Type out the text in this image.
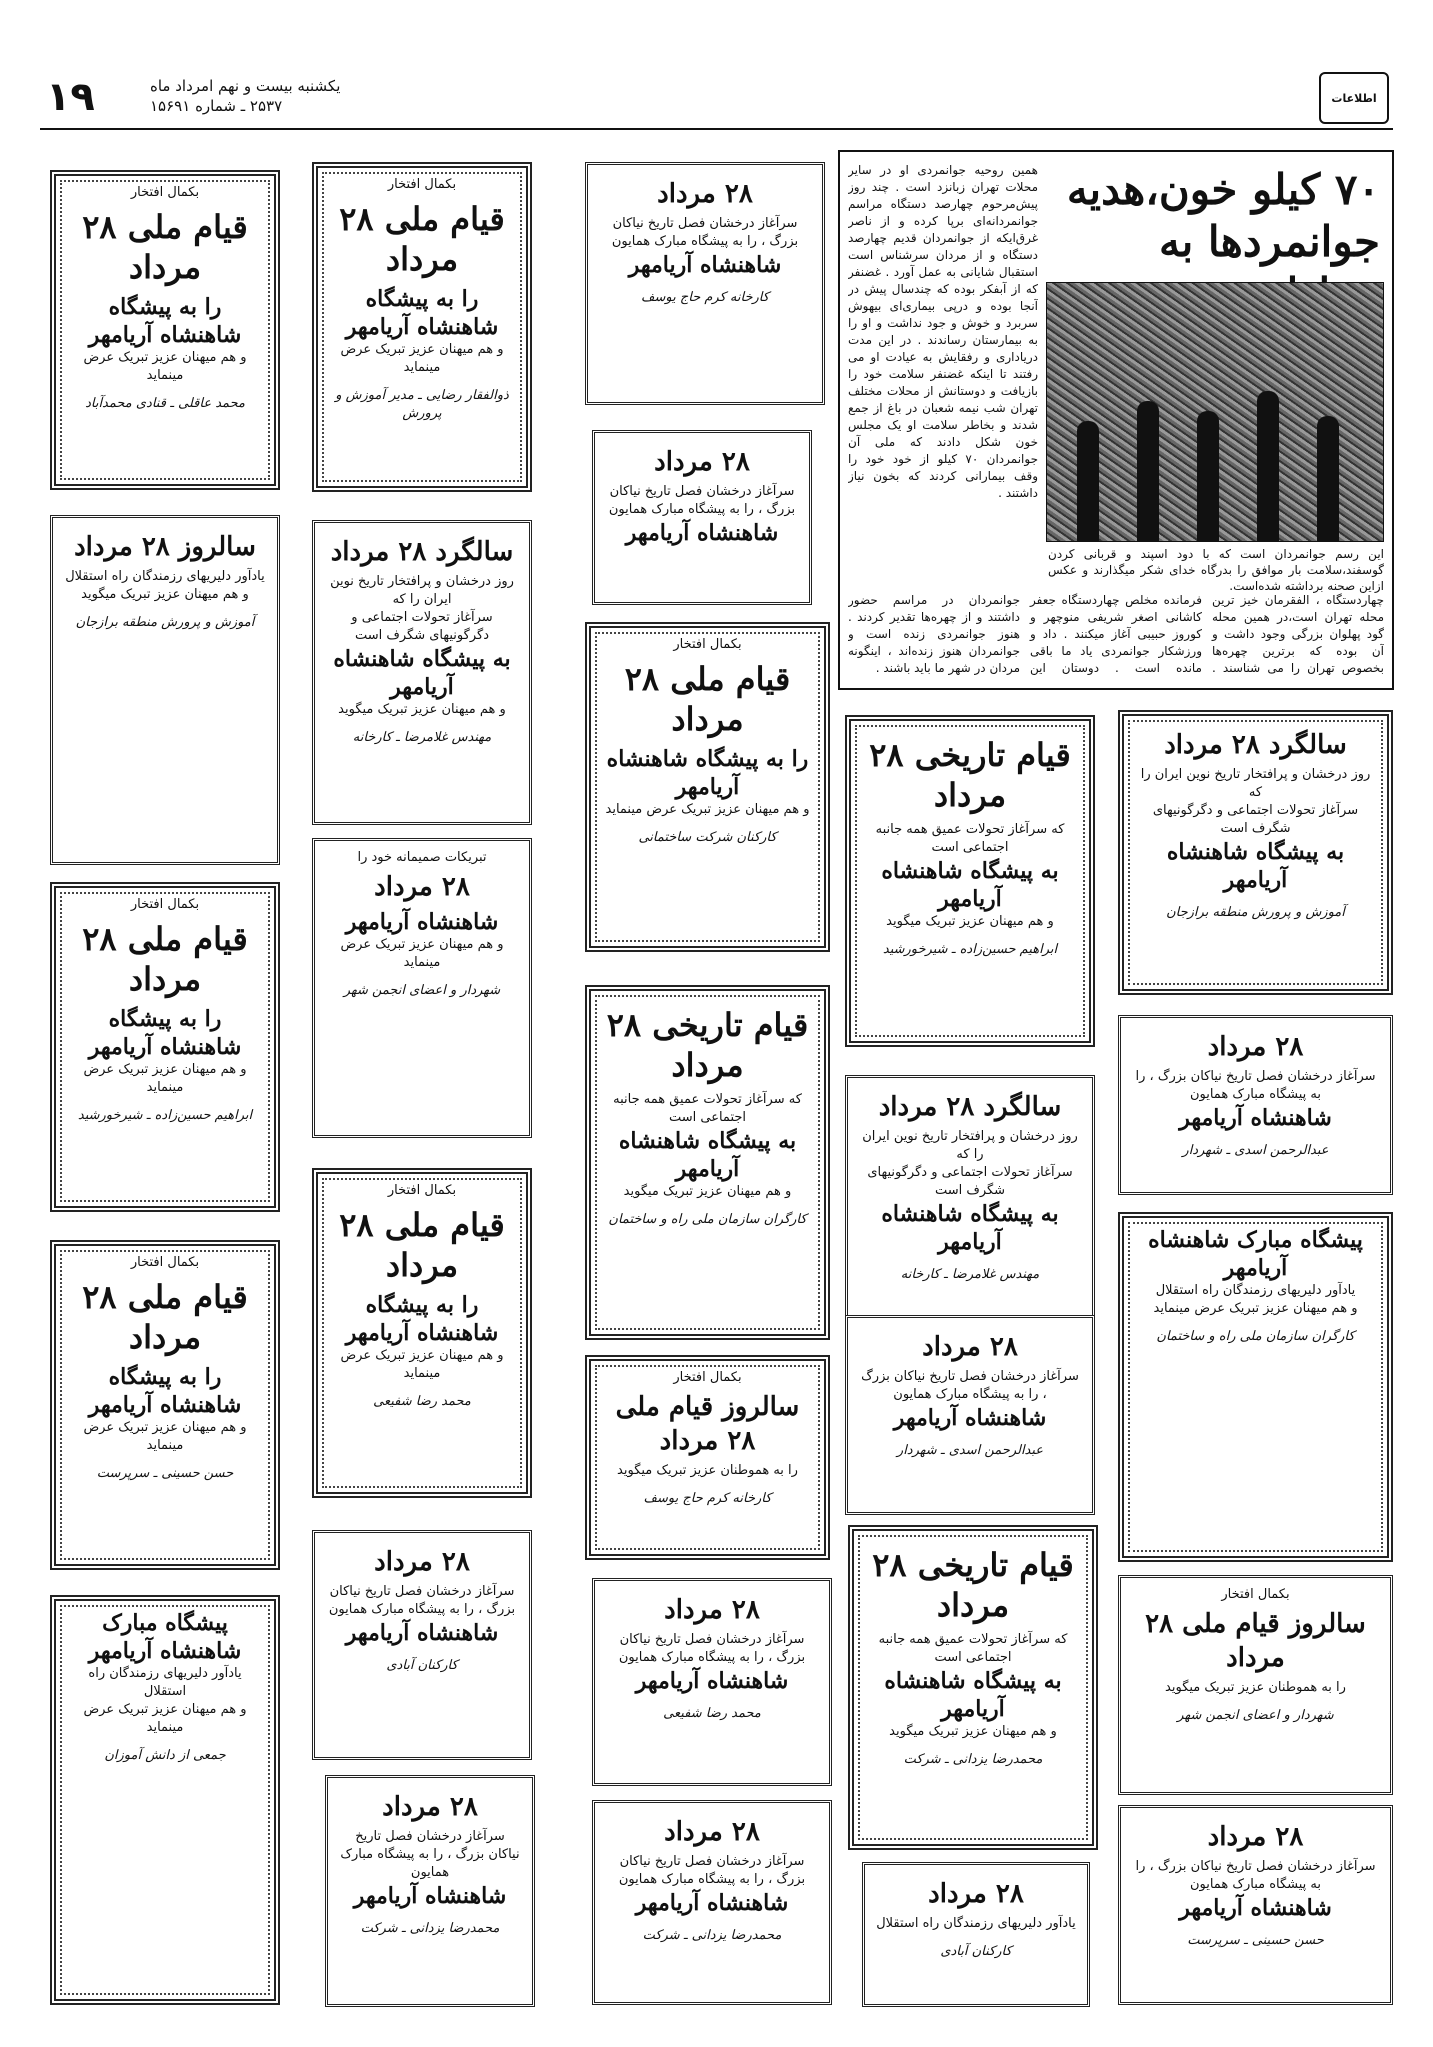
۱۹	یکشنبه بیست و نهم امرداد ماه
۲۵۳۷ ـ شماره ۱۵۶۹۱	اطلاعات
۷۰ کیلو خون،هدیه جوانمردها به
این رسم جوانمردان است که با دود اسپند و قربانی کردن گوسفند،سلامت بار موافق را بدرگاه خدای شکر میگذارند و عکس ازاین صحنه برداشته شده‌است.
همین روحیه جوانمردی او در سایر محلات تهران زبانزد است . چند روز پیش‌مرحوم چهارصد دستگاه مراسم جوانمردانه‌ای برپا کرده و از ناصر غرق‌ایکه از جوانمردان قدیم چهارصد دستگاه و از مردان سرشناس است استقبال شایانی به عمل آورد . غضنفر که از آبفکر بوده که چندسال پیش در آنجا بوده و درپی بیماری‌ای بیهوش سربرد و خوش و جود نداشت و او را به بیمارستان رساندند . در این مدت دریاداری و رفقایش به عیادت او می رفتند تا اینکه غضنفر سلامت خود را بازیافت و دوستانش از محلات مختلف تهران شب نیمه شعبان در باغ از جمع شدند و بخاطر سلامت او یک مجلس خون شکل دادند که ملی آن جوانمردان ۷۰ کیلو از خود خود را وقف بیمارانی کردند که بخون نیاز داشتند .
چهاردستگاه ، الفقرمان خیز ترین محله تهران است،در همین محله گود پهلوان بزرگی وجود داشت و آن بوده که برترین چهره‌ها بخصوص تهران را می شناسند . فرمانده مخلص چهاردستگاه جعفر کاشانی اصغر شریفی منوچهر و کوروز حبیبی آغاز میکنند . داد و ورزشکار جوانمردی یاد ما باقی مانده است . دوستان این جوانمردان در مراسم حضور داشتند و از چهره‌ها تقدیر کردند . هنوز جوانمردی زنده است و جوانمردان هنوز زنده‌اند ، اینگونه مردان در شهر ما باید باشند .
بکمال افتخار
قیام ملی ۲۸ مرداد
را به پیشگاه شاهنشاه آریامهر
و هم میهنان عزیز تبریک عرض مینماید
محمد عاقلی ـ قنادی محمدآباد
سالروز ۲۸ مرداد
یادآور دلیریهای رزمندگان راه استقلال
و هم میهنان عزیز تبریک میگوید
آموزش و پرورش منطقه برازجان
بکمال افتخار
قیام ملی ۲۸ مرداد
را به پیشگاه شاهنشاه آریامهر
و هم میهنان عزیز تبریک عرض مینماید
ابراهیم حسین‌زاده ـ شیرخورشید
بکمال افتخار
قیام ملی ۲۸ مرداد
را به پیشگاه شاهنشاه آریامهر
و هم میهنان عزیز تبریک عرض مینماید
حسن حسینی ـ سرپرست
پیشگاه مبارک شاهنشاه آریامهر
یادآور دلیریهای رزمندگان راه استقلال
و هم میهنان عزیز تبریک عرض مینماید
جمعی از دانش آموزان
بکمال افتخار
قیام ملی ۲۸ مرداد
را به پیشگاه شاهنشاه آریامهر
و هم میهنان عزیز تبریک عرض مینماید
ذوالفقار رضایی ـ مدیر آموزش و پرورش
سالگرد ۲۸ مرداد
روز درخشان و پرافتخار تاریخ نوین ایران را که
سرآغاز تحولات اجتماعی و دگرگونیهای شگرف است
به پیشگاه شاهنشاه آریامهر
و هم میهنان عزیز تبریک میگوید
مهندس غلامرضا ـ کارخانه
تبریکات صمیمانه خود را
۲۸ مرداد
شاهنشاه آریامهر
و هم میهنان عزیز تبریک عرض مینماید
شهردار و اعضای انجمن شهر
بکمال افتخار
قیام ملی ۲۸ مرداد
را به پیشگاه شاهنشاه آریامهر
و هم میهنان عزیز تبریک عرض مینماید
محمد رضا شفیعی
۲۸ مرداد
سرآغاز درخشان فصل تاریخ نیاکان بزرگ ، را به پیشگاه مبارک همایون
شاهنشاه آریامهر
کارکنان آبادی
۲۸ مرداد
سرآغاز درخشان فصل تاریخ نیاکان بزرگ ، را به پیشگاه مبارک همایون
شاهنشاه آریامهر
محمدرضا یزدانی ـ شرکت
۲۸ مرداد
سرآغاز درخشان فصل تاریخ نیاکان بزرگ ، را به پیشگاه مبارک همایون
شاهنشاه آریامهر
کارخانه کرم حاج یوسف
۲۸ مرداد
سرآغاز درخشان فصل تاریخ نیاکان بزرگ ، را به پیشگاه مبارک همایون
شاهنشاه آریامهر
بکمال افتخار
قیام ملی ۲۸ مرداد
را به پیشگاه شاهنشاه آریامهر
و هم میهنان عزیز تبریک عرض مینماید
کارکنان شرکت ساختمانی
قیام تاریخی ۲۸ مرداد
که سرآغاز تحولات عمیق همه جانبه اجتماعی است
به پیشگاه شاهنشاه آریامهر
و هم میهنان عزیز تبریک میگوید
کارگران سازمان ملی راه و ساختمان
بکمال افتخار
سالروز قیام ملی ۲۸ مرداد
را به هموطنان عزیز تبریک میگوید
کارخانه کرم حاج یوسف
۲۸ مرداد
سرآغاز درخشان فصل تاریخ نیاکان بزرگ ، را به پیشگاه مبارک همایون
شاهنشاه آریامهر
محمد رضا شفیعی
۲۸ مرداد
سرآغاز درخشان فصل تاریخ نیاکان بزرگ ، را به پیشگاه مبارک همایون
شاهنشاه آریامهر
محمدرضا یزدانی ـ شرکت
قیام تاریخی ۲۸ مرداد
که سرآغاز تحولات عمیق همه جانبه اجتماعی است
به پیشگاه شاهنشاه آریامهر
و هم میهنان عزیز تبریک میگوید
ابراهیم حسین‌زاده ـ شیرخورشید
سالگرد ۲۸ مرداد
روز درخشان و پرافتخار تاریخ نوین ایران را که
سرآغاز تحولات اجتماعی و دگرگونیهای شگرف است
به پیشگاه شاهنشاه آریامهر
مهندس غلامرضا ـ کارخانه
۲۸ مرداد
سرآغاز درخشان فصل تاریخ نیاکان بزرگ ، را به پیشگاه مبارک همایون
شاهنشاه آریامهر
عبدالرحمن اسدی ـ شهردار
قیام تاریخی ۲۸ مرداد
که سرآغاز تحولات عمیق همه جانبه اجتماعی است
به پیشگاه شاهنشاه آریامهر
و هم میهنان عزیز تبریک میگوید
محمدرضا یزدانی ـ شرکت
۲۸ مرداد
یادآور دلیریهای رزمندگان راه استقلال
کارکنان آبادی
سالگرد ۲۸ مرداد
روز درخشان و پرافتخار تاریخ نوین ایران را که
سرآغاز تحولات اجتماعی و دگرگونیهای شگرف است
به پیشگاه شاهنشاه آریامهر
آموزش و پرورش منطقه برازجان
۲۸ مرداد
سرآغاز درخشان فصل تاریخ نیاکان بزرگ ، را به پیشگاه مبارک همایون
شاهنشاه آریامهر
عبدالرحمن اسدی ـ شهردار
پیشگاه مبارک شاهنشاه آریامهر
یادآور دلیریهای رزمندگان راه استقلال
و هم میهنان عزیز تبریک عرض مینماید
کارگران سازمان ملی راه و ساختمان
بکمال افتخار
سالروز قیام ملی ۲۸ مرداد
را به هموطنان عزیز تبریک میگوید
شهردار و اعضای انجمن شهر
۲۸ مرداد
سرآغاز درخشان فصل تاریخ نیاکان بزرگ ، را به پیشگاه مبارک همایون
شاهنشاه آریامهر
حسن حسینی ـ سرپرست
